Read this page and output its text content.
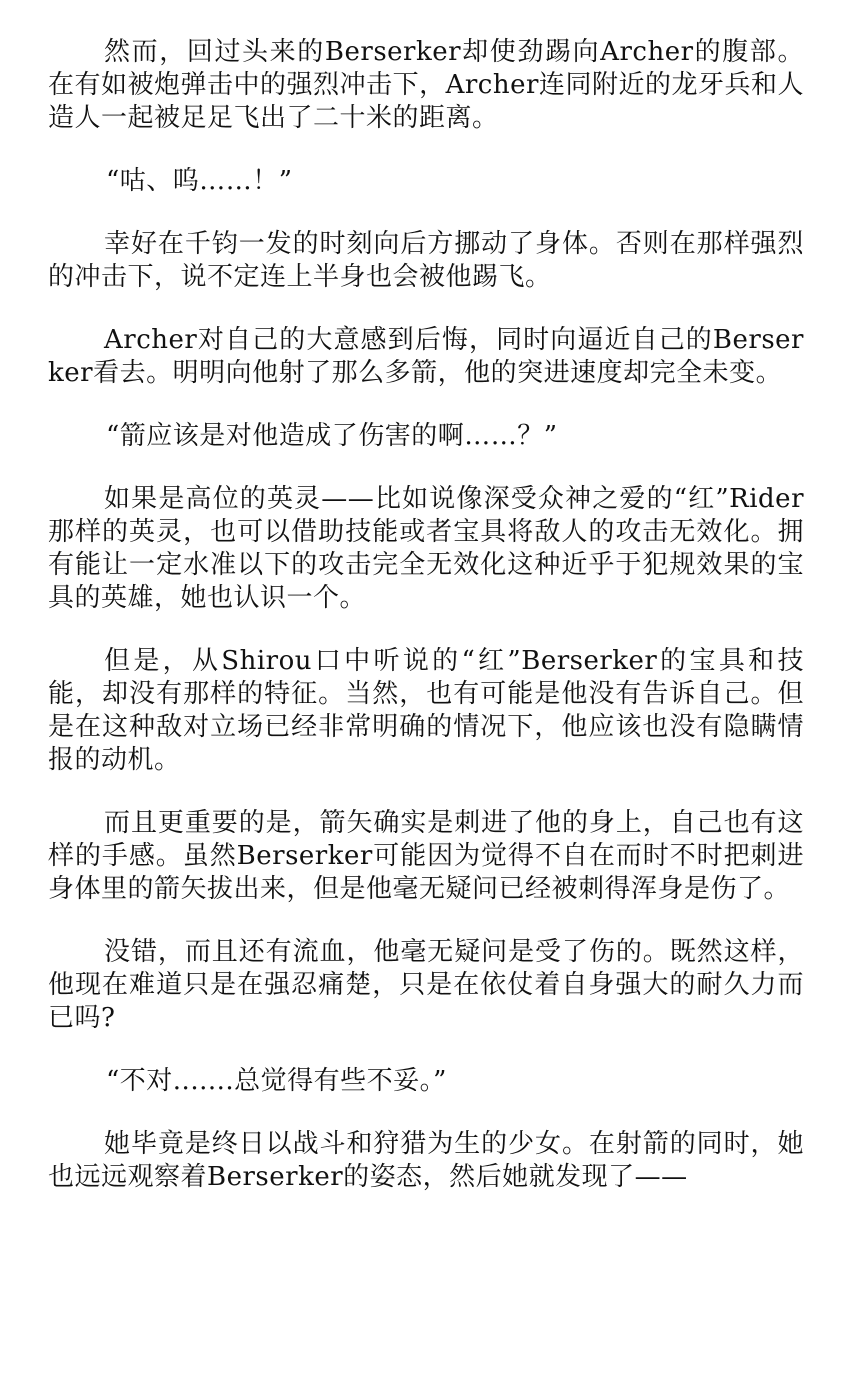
然而，回过头来的Berserker却使劲踢向Archer的腹部。在有如被炮弹击中的强烈冲击下，Archer连同附近的龙牙兵和人造人一起被足足飞出了二十米的距离。

“咕、呜……！”

幸好在千钧一发的时刻向后方挪动了身体。否则在那样强烈的冲击下，说不定连上半身也会被他踢飞。

Archer对自己的大意感到后悔，同时向逼近自己的Berserker看去。明明向他射了那么多箭，他的突进速度却完全未变。

“箭应该是对他造成了伤害的啊……？”

如果是高位的英灵——比如说像深受众神之爱的“红”Rider那样的英灵，也可以借助技能或者宝具将敌人的攻击无效化。拥有能让一定水准以下的攻击完全无效化这种近乎于犯规效果的宝具的英雄，她也认识一个。

但是，从Shirou口中听说的“红”Berserker的宝具和技能，却没有那样的特征。当然，也有可能是他没有告诉自己。但是在这种敌对立场已经非常明确的情况下，他应该也没有隐瞒情报的动机。

而且更重要的是，箭矢确实是刺进了他的身上，自己也有这样的手感。虽然Berserker可能因为觉得不自在而时不时把刺进身体里的箭矢拔出来，但是他毫无疑问已经被刺得浑身是伤了。

没错，而且还有流血，他毫无疑问是受了伤的。既然这样，他现在难道只是在强忍痛楚，只是在依仗着自身强大的耐久力而已吗?

“不对.......总觉得有些不妥。”

她毕竟是终日以战斗和狩猎为生的少女。在射箭的同时，她也远远观察着Berserker的姿态，然后她就发现了——
